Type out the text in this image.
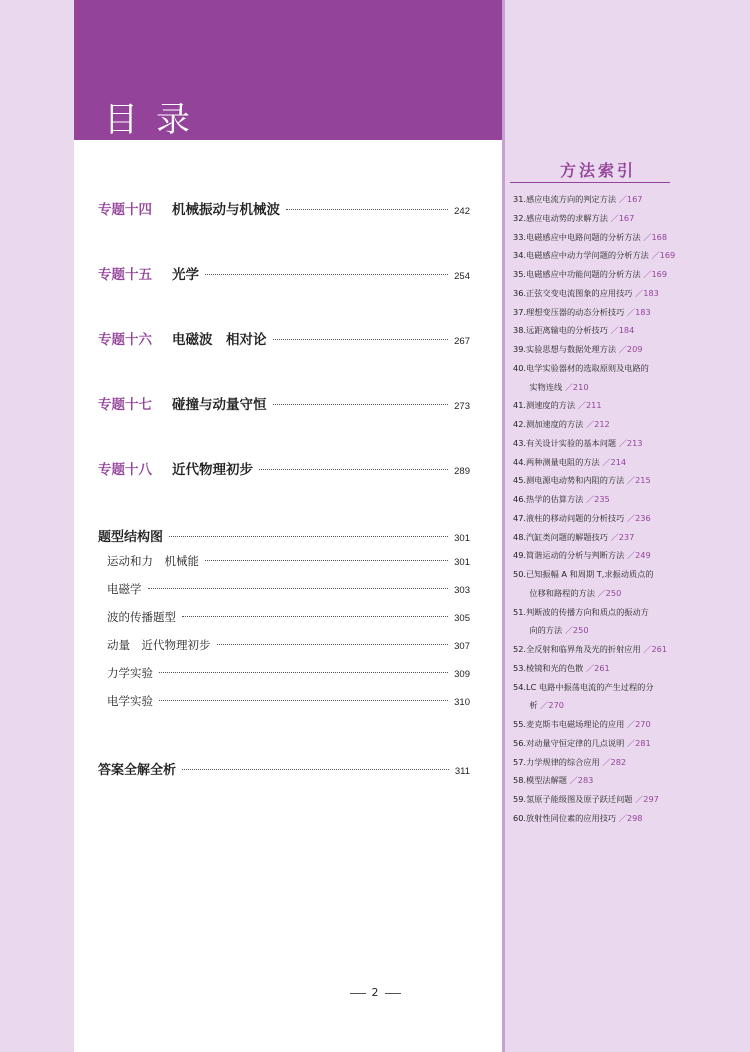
目录
专题十四	机械振动与机械波	242
专题十五	光学	254
专题十六	电磁波　相对论	267
专题十七	碰撞与动量守恒	273
专题十八	近代物理初步	289
题型结构图	301
运动和力　机械能	301
电磁学	303
波的传播题型	305
动量　近代物理初步	307
力学实验	309
电学实验	310
答案全解全析	311
2
方法索引
31.感应电流方向的判定方法 ／167
32.感应电动势的求解方法 ／167
33.电磁感应中电路问题的分析方法 ／168
34.电磁感应中动力学问题的分析方法 ／169
35.电磁感应中功能问题的分析方法 ／169
36.正弦交变电流图象的应用技巧 ／183
37.理想变压器的动态分析技巧 ／183
38.远距离输电的分析技巧 ／184
39.实验思想与数据处理方法 ／209
40.电学实验器材的选取原则及电路的
　　实物连线 ／210
41.测速度的方法 ／211
42.测加速度的方法 ／212
43.有关设计实验的基本问题 ／213
44.两种测量电阻的方法 ／214
45.测电源电动势和内阻的方法 ／215
46.热学的估算方法 ／235
47.液柱的移动问题的分析技巧 ／236
48.汽缸类问题的解题技巧 ／237
49.简谐运动的分析与判断方法 ／249
50.已知振幅 A 和周期 T,求振动质点的
　　位移和路程的方法 ／250
51.判断波的传播方向和质点的振动方
　　向的方法 ／250
52.全反射和临界角及光的折射应用 ／261
53.棱镜和光的色散 ／261
54.LC 电路中振荡电流的产生过程的分
　　析 ／270
55.麦克斯韦电磁场理论的应用 ／270
56.对动量守恒定律的几点说明 ／281
57.力学规律的综合应用 ／282
58.模型法解题 ／283
59.氢原子能级图及原子跃迁问题 ／297
60.放射性同位素的应用技巧 ／298
